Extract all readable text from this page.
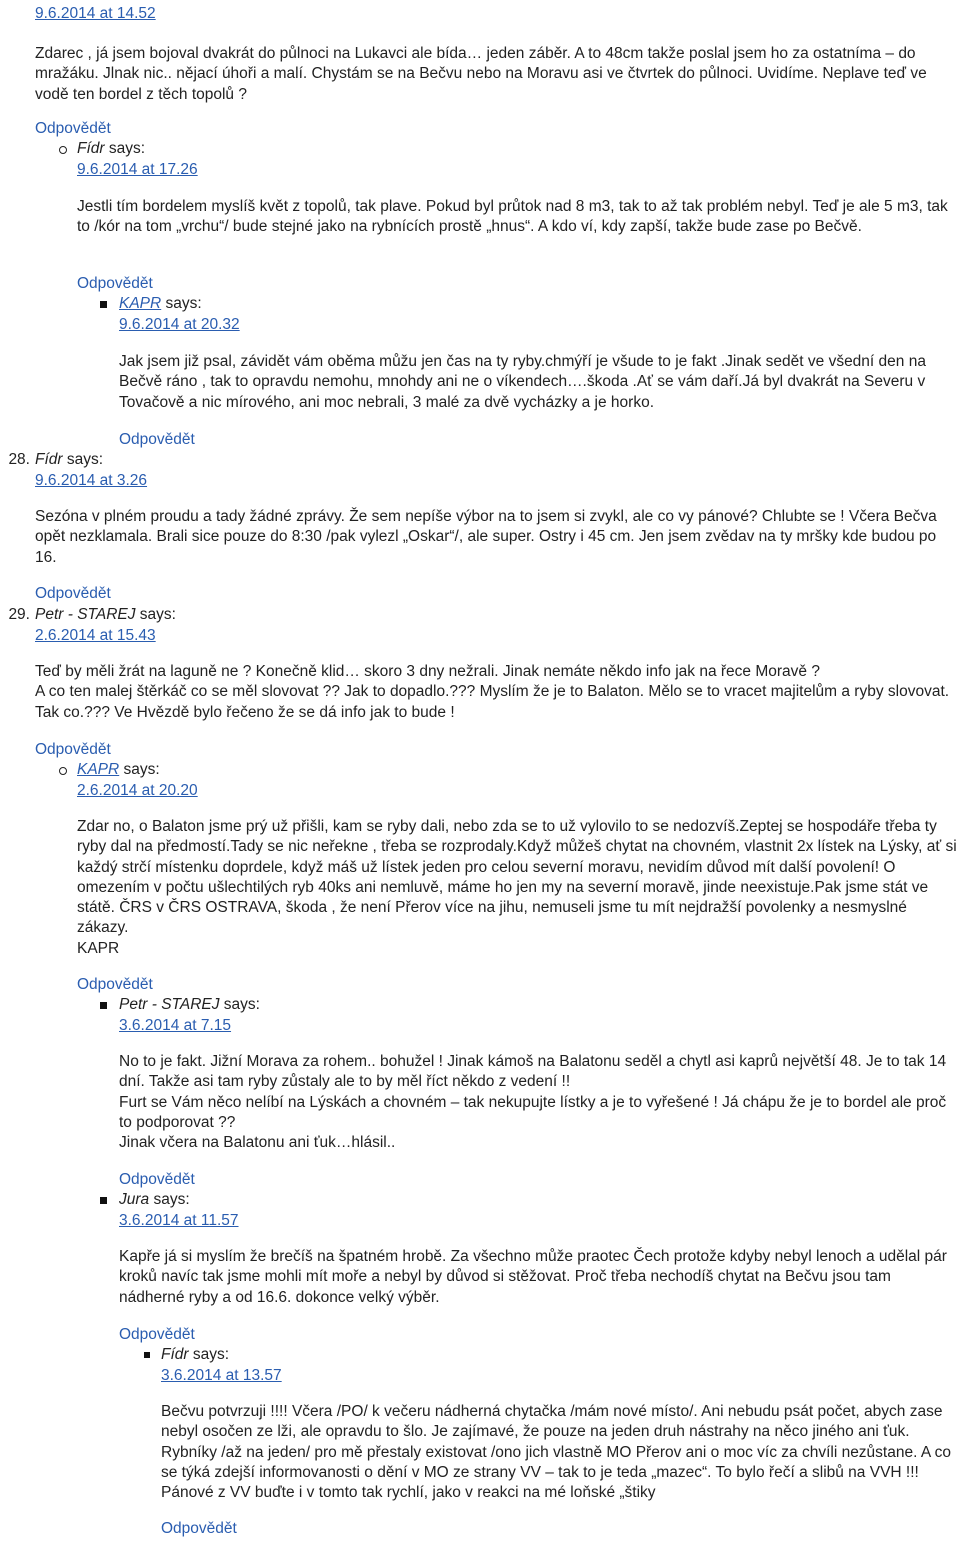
9.6.2014 at 14.52

Zdarec , já jsem bojoval dvakrát do půlnoci na Lukavci ale bída… jeden záběr. A to 48cm takže poslal jsem ho za ostatníma – do mražáku. Jlnak nic.. nějací úhoři a malí. Chystám se na Bečvu nebo na Moravu asi ve čtvrtek do půlnoci. Uvidíme. Neplave teď ve vodě ten bordel z těch topolů ?

Odpovědět
Fídr says:
9.6.2014 at 17.26

Jestli tím bordelem myslíš květ z topolů, tak plave. Pokud byl průtok nad 8 m3, tak to až tak problém nebyl. Teď je ale 5 m3, tak to /kór na tom „vrchu“/ bude stejné jako na rybnících prostě „hnus“. A kdo ví, kdy zapší, takže bude zase po Bečvě.

Odpovědět
KAPR says:
9.6.2014 at 20.32

Jak jsem již psal, závidět vám oběma můžu jen čas na ty ryby.chmýří je všude to je fakt .Jinak sedět ve všední den na Bečvě ráno , tak to opravdu nemohu, mnohdy ani ne o víkendech….škoda .Ať se vám daří.Já byl dvakrát na Severu v Tovačově a nic mírového, ani moc nebrali, 3 malé za dvě vycházky a je horko.

Odpovědět
28. Fídr says:
9.6.2014 at 3.26

Sezóna v plném proudu a tady žádné zprávy. Že sem nepíše výbor na to jsem si zvykl, ale co vy pánové? Chlubte se ! Včera Bečva opět nezklamala. Brali sice pouze do 8:30 /pak vylezl „Oskar“/, ale super. Ostry i 45 cm. Jen jsem zvědav na ty mršky kde budou po 16.

Odpovědět
29. Petr - STAREJ says:
2.6.2014 at 15.43

Teď by měli žrát na laguně ne ? Konečně klid… skoro 3 dny nežrali. Jinak nemáte někdo info jak na řece Moravě ?

A co ten malej štěrkáč co se měl slovovat ?? Jak to dopadlo.??? Myslím že je to Balaton. Mělo se to vracet majitelům a ryby slovovat. Tak co.??? Ve Hvězdě bylo řečeno že se dá info jak to bude !

Odpovědět
KAPR says:
2.6.2014 at 20.20

Zdar no, o Balaton jsme prý už přišli, kam se ryby dali, nebo zda se to už vylovilo to se nedozvíš.Zeptej se hospodáře třeba ty ryby dal na předmostí.Tady se nic neřekne , třeba se rozprodaly.Když můžeš chytat na chovném, vlastnit 2x lístek na Lýsky, ať si každý strčí místenku doprdele, když máš už lístek jeden pro celou severní moravu, nevidím důvod mít další povolení! O omezením v počtu ušlechtilých ryb 40ks ani nemluvě, máme ho jen my na severní moravě, jinde neexistuje.Pak jsme stát ve státě. ČRS v ČRS OSTRAVA, škoda , že není Přerov více na jihu, nemuseli jsme tu mít nejdražší povolenky a nesmyslné zákazy.

KAPR

Odpovědět
Petr - STAREJ says:
3.6.2014 at 7.15

No to je fakt. Jižní Morava za rohem.. bohužel ! Jinak kámoš na Balatonu seděl a chytl asi kaprů největší 48. Je to tak 14 dní. Takže asi tam ryby zůstaly ale to by měl říct někdo z vedení !!

Furt se Vám něco nelíbí na Lýskách a chovném – tak nekupujte lístky a je to vyřešené ! Já chápu že je to bordel ale proč to podporovat ??

Jinak včera na Balatonu ani ťuk…hlásil..

Odpovědět
Jura says:
3.6.2014 at 11.57

Kapře já si myslím že brečíš na špatném hrobě. Za všechno může praotec Čech protože kdyby nebyl lenoch a udělal pár kroků navíc tak jsme mohli mít moře a nebyl by důvod si stěžovat. Proč třeba nechodíš chytat na Bečvu jsou tam nádherné ryby a od 16.6. dokonce velký výběr.

Odpovědět
Fídr says:
3.6.2014 at 13.57

Bečvu potvrzuji !!!! Včera /PO/ k večeru nádherná chytačka /mám nové místo/. Ani nebudu psát počet, abych zase nebyl osočen ze lži, ale opravdu to šlo. Je zajímavé, že pouze na jeden druh nástrahy na něco jiného ani ťuk. Rybníky /až na jeden/ pro mě přestaly existovat /ono jich vlastně MO Přerov ani o moc víc za chvíli nezůstane. A co se týká zdejší informovanosti o dění v MO ze strany VV – tak to je teda „mazec“. To bylo řečí a slibů na VVH !!! Pánové z VV buďte i v tomto tak rychlí, jako v reakci na mé loňské „štiky

Odpovědět
